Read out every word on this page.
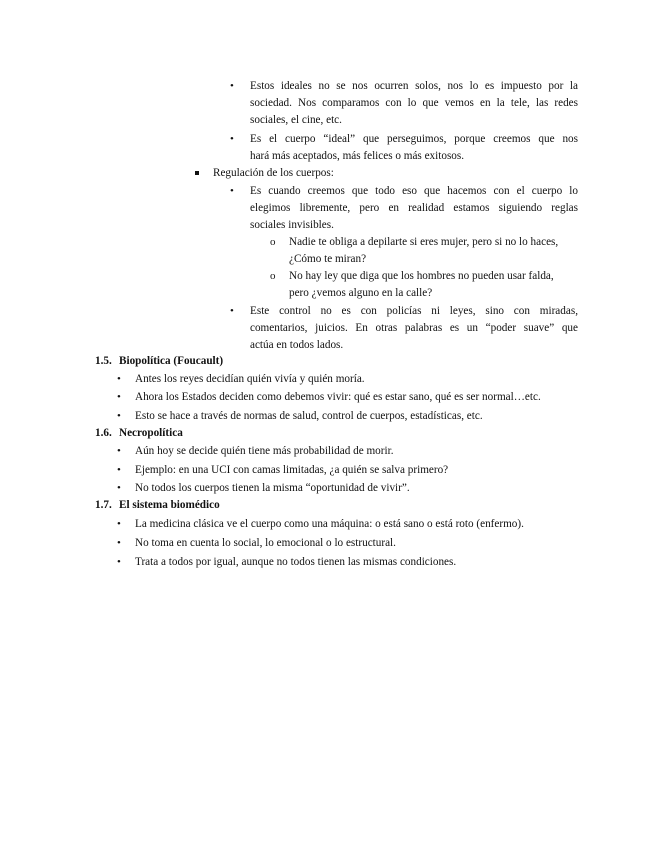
• Estos ideales no se nos ocurren solos, nos lo es impuesto por la
sociedad. Nos comparamos con lo que vemos en la tele, las redes
sociales, el cine, etc.
• Es el cuerpo “ideal” que perseguimos, porque creemos que nos
hará más aceptados, más felices o más exitosos.
Regulación de los cuerpos:
• Es cuando creemos que todo eso que hacemos con el cuerpo lo
elegimos libremente, pero en realidad estamos siguiendo reglas
sociales invisibles.
o Nadie te obliga a depilarte si eres mujer, pero si no lo haces,
¿Cómo te miran?
o No hay ley que diga que los hombres no pueden usar falda,
pero ¿vemos alguno en la calle?
• Este control no es con policías ni leyes, sino con miradas,
comentarios, juicios. En otras palabras es un “poder suave” que
actúa en todos lados.
1.5. Biopolítica (Foucault)
• Antes los reyes decidían quién vivía y quién moría.
• Ahora los Estados deciden como debemos vivir: qué es estar sano, qué es ser normal…etc.
• Esto se hace a través de normas de salud, control de cuerpos, estadísticas, etc.
1.6. Necropolítica
• Aún hoy se decide quién tiene más probabilidad de morir.
• Ejemplo: en una UCI con camas limitadas, ¿a quién se salva primero?
• No todos los cuerpos tienen la misma “oportunidad de vivir”.
1.7. El sistema biomédico
• La medicina clásica ve el cuerpo como una máquina: o está sano o está roto (enfermo).
• No toma en cuenta lo social, lo emocional o lo estructural.
• Trata a todos por igual, aunque no todos tienen las mismas condiciones.
